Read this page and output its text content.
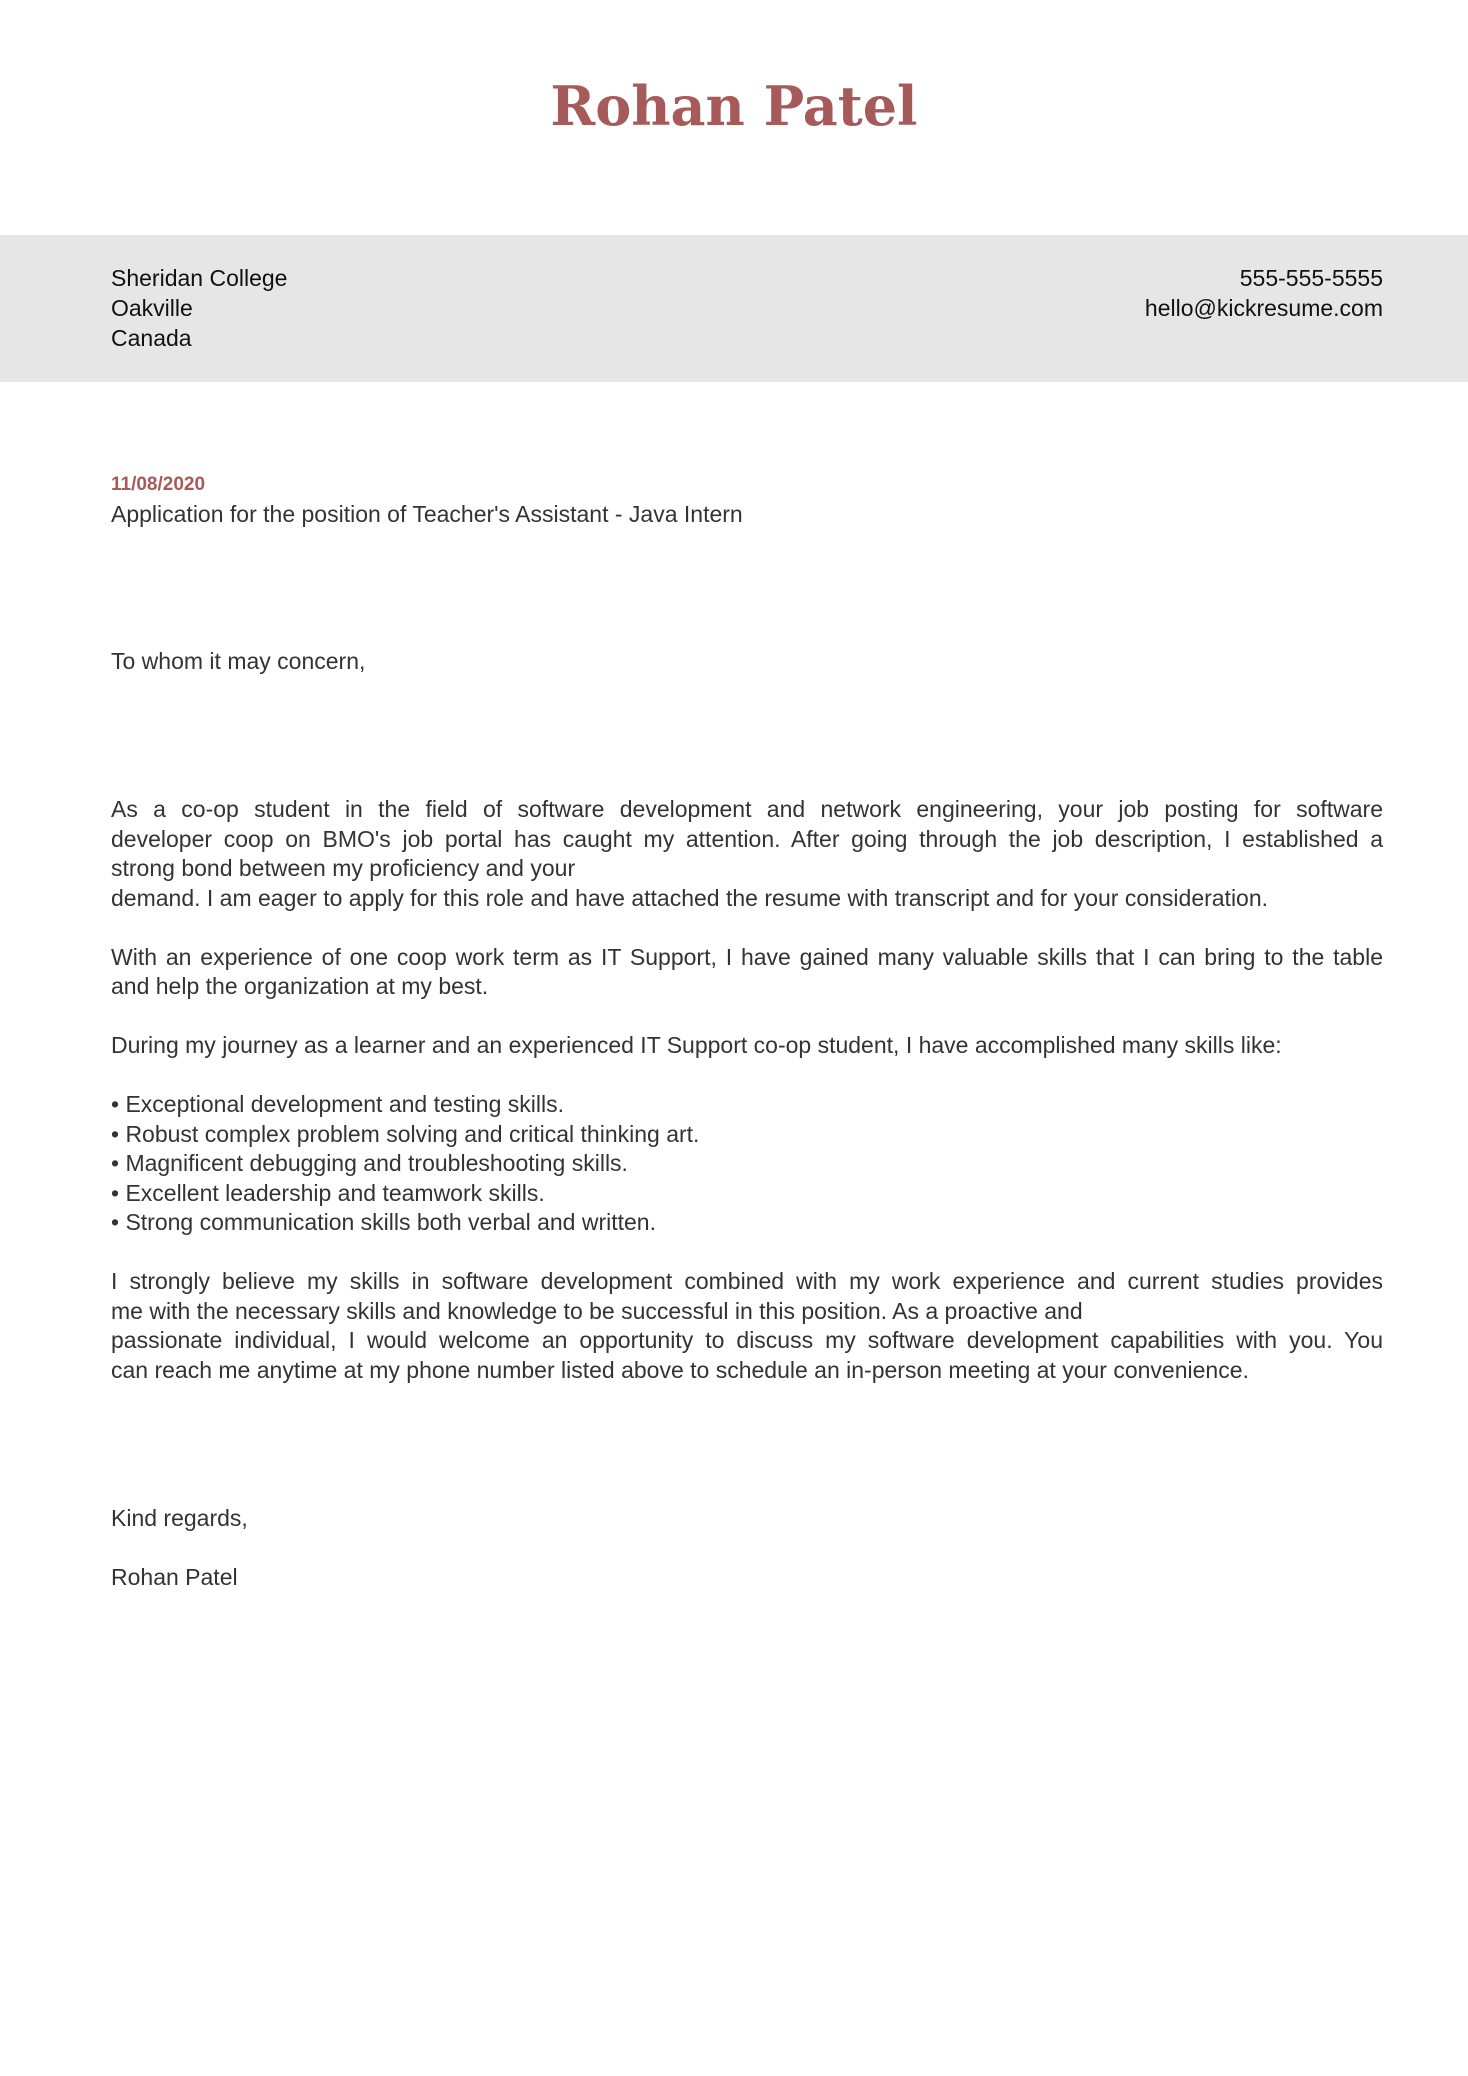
Rohan Patel
Sheridan College
Oakville
Canada
555-555-5555
hello@kickresume.com
11/08/2020
Application for the position of Teacher's Assistant - Java Intern
To whom it may concern,
As a co-op student in the field of software development and network engineering, your job posting for software
developer coop on BMO's job portal has caught my attention. After going through the job description, I established a
strong bond between my proficiency and your
demand. I am eager to apply for this role and have attached the resume with transcript and for your consideration.
With an experience of one coop work term as IT Support, I have gained many valuable skills that I can bring to the table
and help the organization at my best.
During my journey as a learner and an experienced IT Support co-op student, I have accomplished many skills like:
• Exceptional development and testing skills.
• Robust complex problem solving and critical thinking art.
• Magnificent debugging and troubleshooting skills.
• Excellent leadership and teamwork skills.
• Strong communication skills both verbal and written.
I strongly believe my skills in software development combined with my work experience and current studies provides
me with the necessary skills and knowledge to be successful in this position. As a proactive and
passionate individual, I would welcome an opportunity to discuss my software development capabilities with you. You
can reach me anytime at my phone number listed above to schedule an in-person meeting at your convenience.
Kind regards,
Rohan Patel
